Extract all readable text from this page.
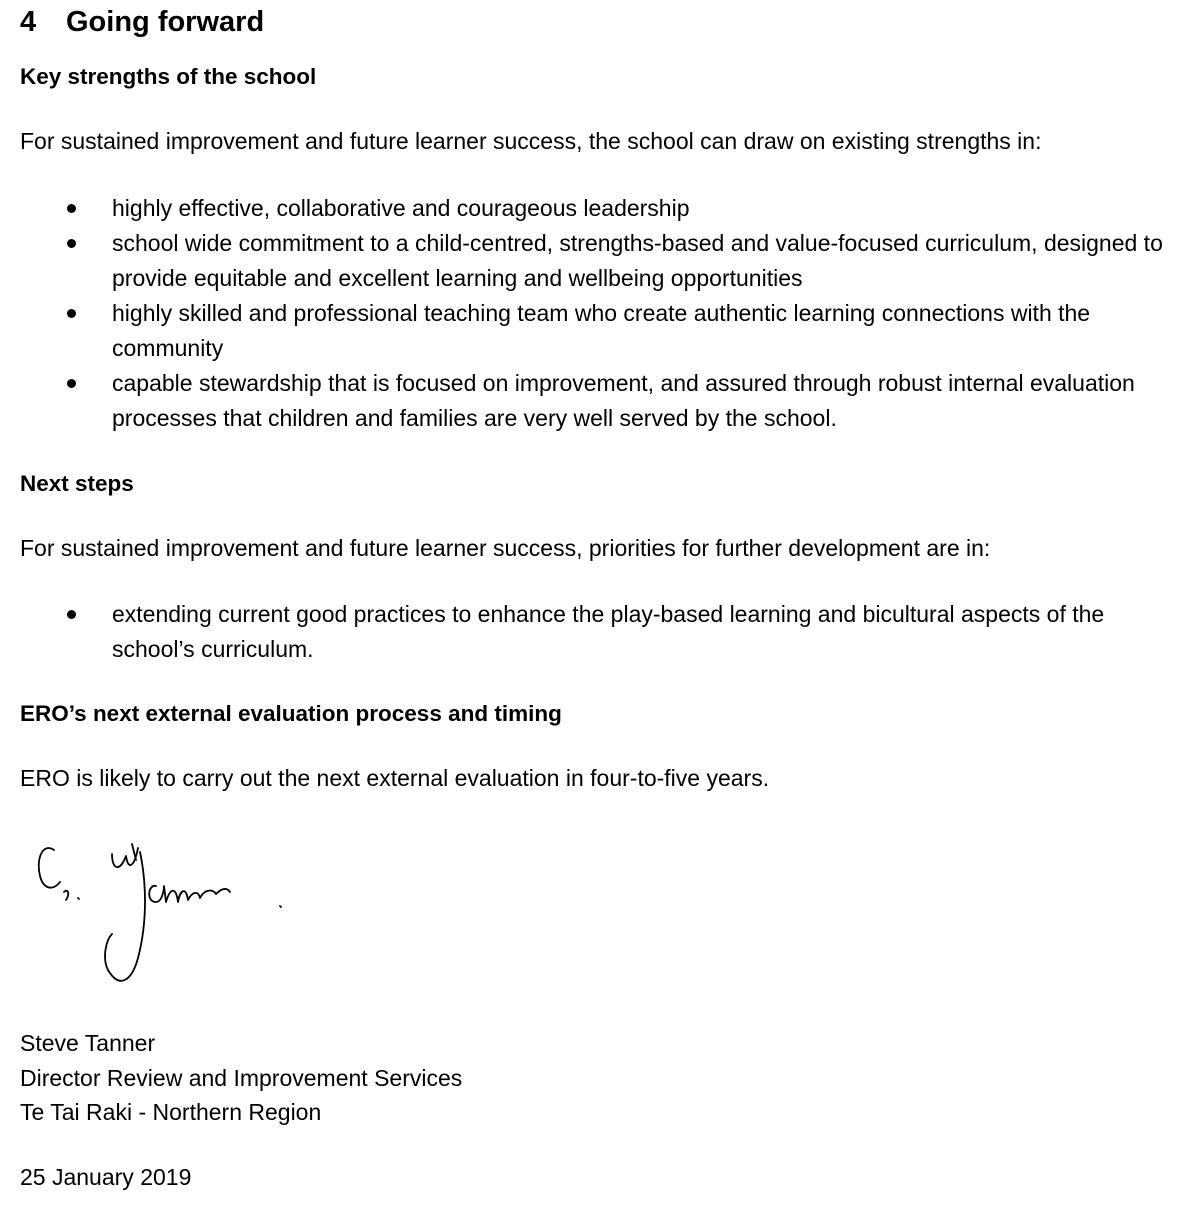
4 Going forward
Key strengths of the school
For sustained improvement and future learner success, the school can draw on existing strengths in:
highly effective, collaborative and courageous leadership
school wide commitment to a child-centred, strengths-based and value-focused curriculum, designed to provide equitable and excellent learning and wellbeing opportunities
highly skilled and professional teaching team who create authentic learning connections with the community
capable stewardship that is focused on improvement, and assured through robust internal evaluation processes that children and families are very well served by the school.
Next steps
For sustained improvement and future learner success, priorities for further development are in:
extending current good practices to enhance the play-based learning and bicultural aspects of the school’s curriculum.
ERO’s next external evaluation process and timing
ERO is likely to carry out the next external evaluation in four-to-five years.
Steve Tanner
Director Review and Improvement Services
Te Tai Raki - Northern Region
25 January 2019
